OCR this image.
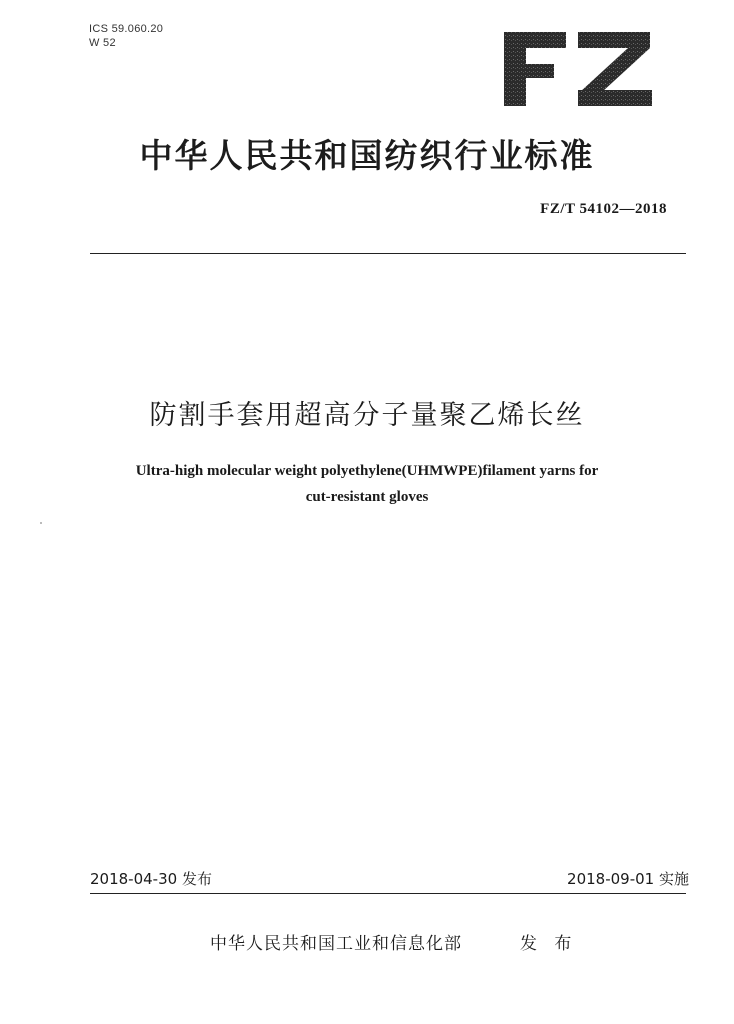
ICS 59.060.20
W 52
中华人民共和国纺织行业标准
FZ/T 54102—2018
防割手套用超高分子量聚乙烯长丝
Ultra-high molecular weight polyethylene(UHMWPE)filament yarns for
cut-resistant gloves
2018-04-30 发布	2018-09-01 实施
中华人民共和国工业和信息化部	发 布
